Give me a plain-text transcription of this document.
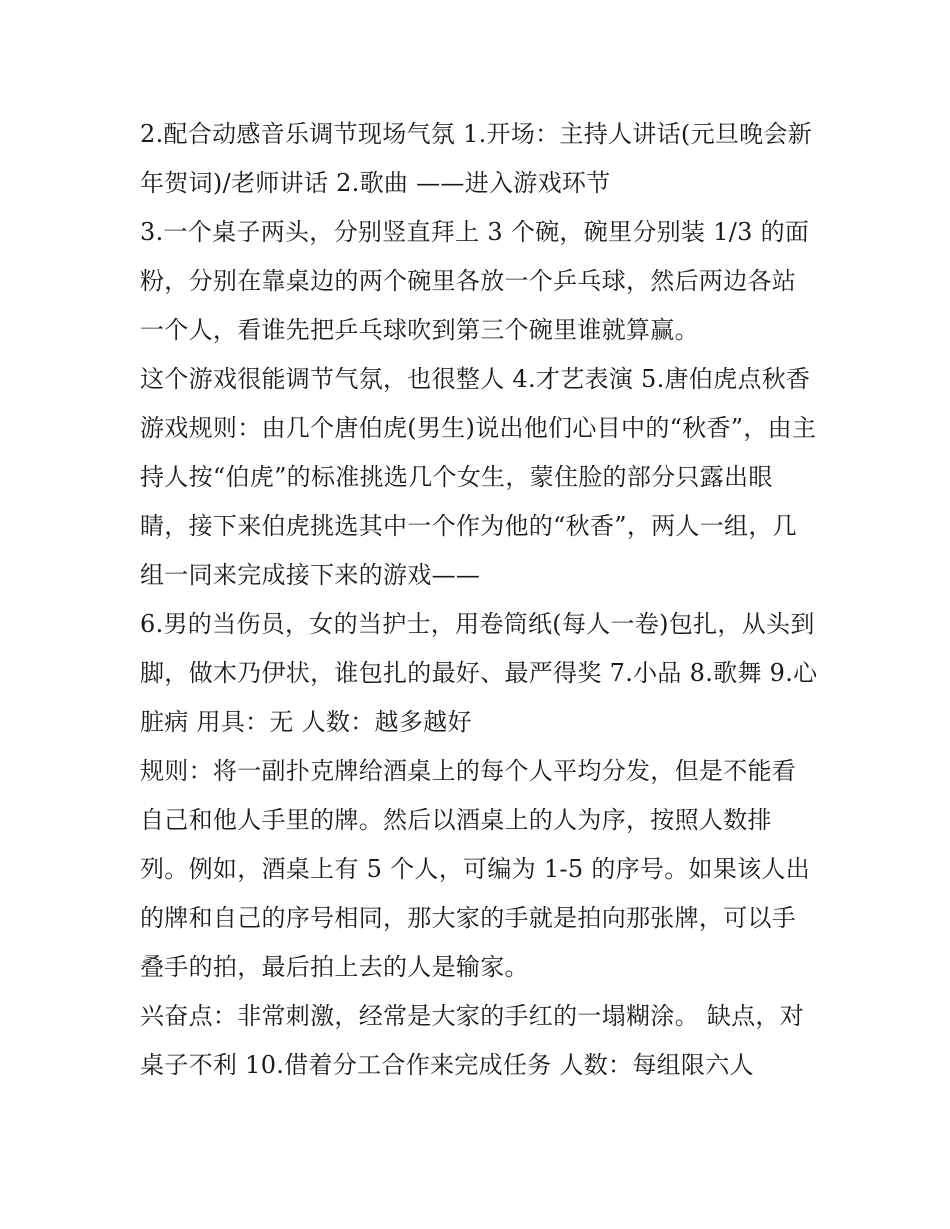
2.配合动感音乐调节现场气氛 1.开场：主持人讲话(元旦晚会新年贺词)/老师讲话 2.歌曲 ——进入游戏环节

3.一个桌子两头，分别竖直拜上 3 个碗，碗里分别装 1/3 的面粉，分别在靠桌边的两个碗里各放一个乒乓球，然后两边各站一个人，看谁先把乒乓球吹到第三个碗里谁就算赢。

这个游戏很能调节气氛，也很整人 4.才艺表演 5.唐伯虎点秋香 游戏规则：由几个唐伯虎(男生)说出他们心目中的“秋香”，由主持人按“伯虎”的标准挑选几个女生，蒙住脸的部分只露出眼睛，接下来伯虎挑选其中一个作为他的“秋香”，两人一组，几组一同来完成接下来的游戏——

6.男的当伤员，女的当护士，用卷筒纸(每人一卷)包扎，从头到脚，做木乃伊状，谁包扎的最好、最严得奖 7.小品 8.歌舞 9.心脏病 用具：无 人数：越多越好

规则：将一副扑克牌给酒桌上的每个人平均分发，但是不能看自己和他人手里的牌。然后以酒桌上的人为序，按照人数排列。例如，酒桌上有 5 个人，可编为 1-5 的序号。如果该人出的牌和自己的序号相同，那大家的手就是拍向那张牌，可以手叠手的拍，最后拍上去的人是输家。

兴奋点：非常刺激，经常是大家的手红的一塌糊涂。 缺点，对桌子不利 10.借着分工合作来完成任务 人数：每组限六人
